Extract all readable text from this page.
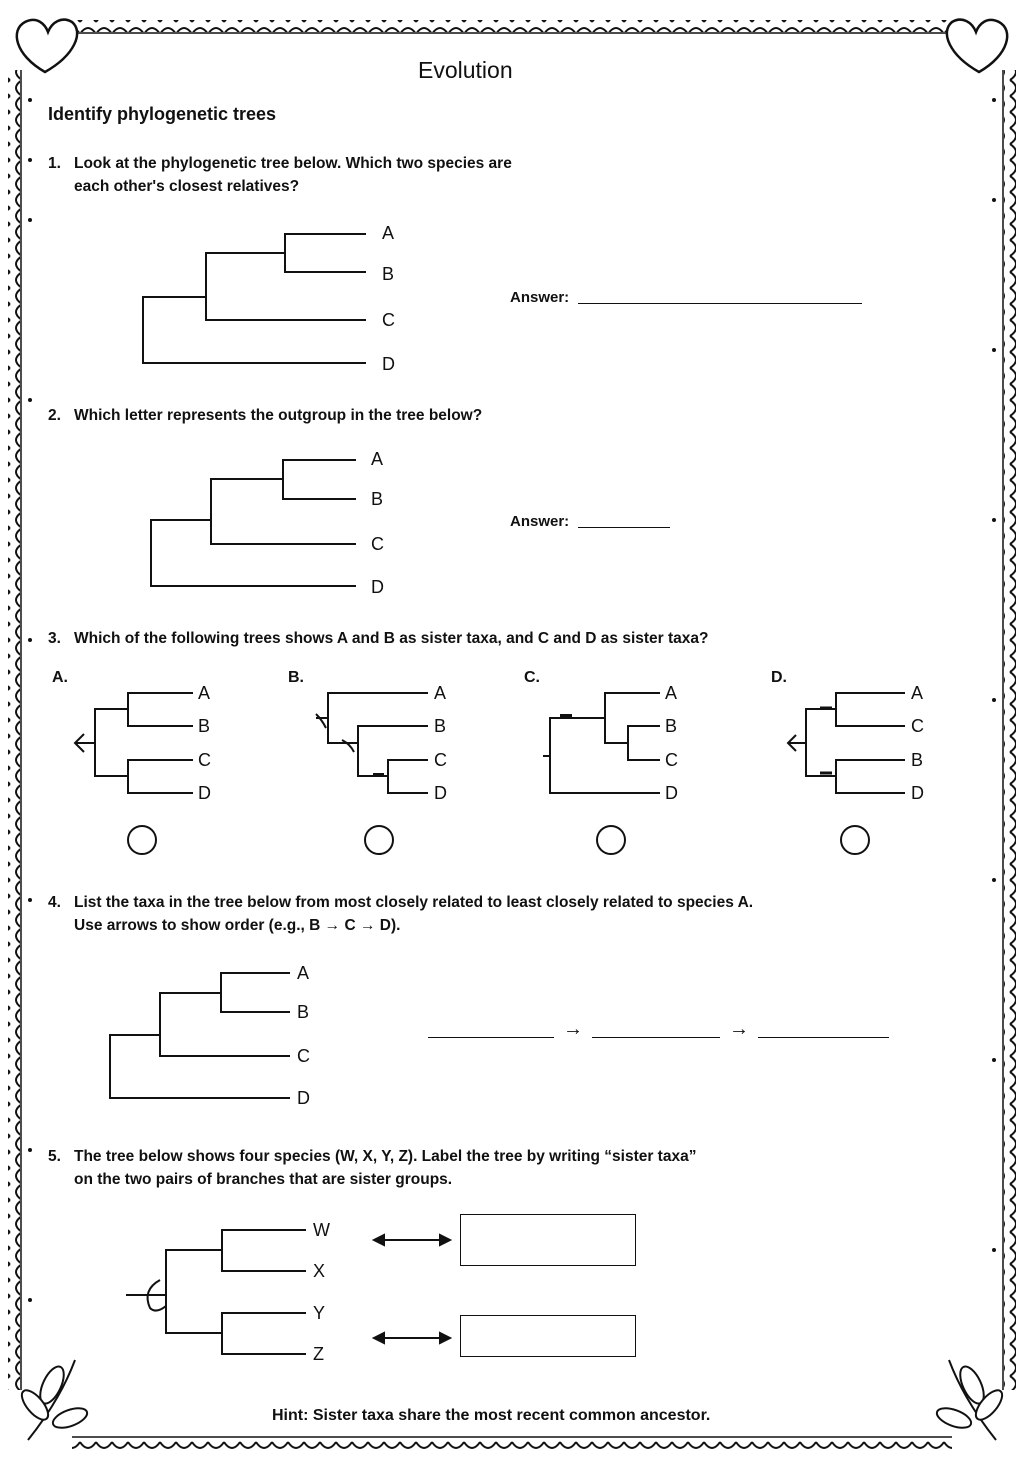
Evolution
Identify phylogenetic trees
1. Look at the phylogenetic tree below. Which two species are
each other's closest relatives?
A
B
C
D
Answer:
2. Which letter represents the outgroup in the tree below?
A
B
C
D
Answer:
3. Which of the following trees shows A and B as sister taxa, and C and D as sister taxa?
A.	B.	C.	D.
A
B
C
D
A
B
C
D
A
B
C
D
A
C
B
D
4. List the taxa in the tree below from most closely related to least closely related to species A.
Use arrows to show order (e.g., B → C → D).
A
B
C
D
→	→
5. The tree below shows four species (W, X, Y, Z). Label the tree by writing “sister taxa”
on the two pairs of branches that are sister groups.
W
X
Y
Z
Hint: Sister taxa share the most recent common ancestor.
